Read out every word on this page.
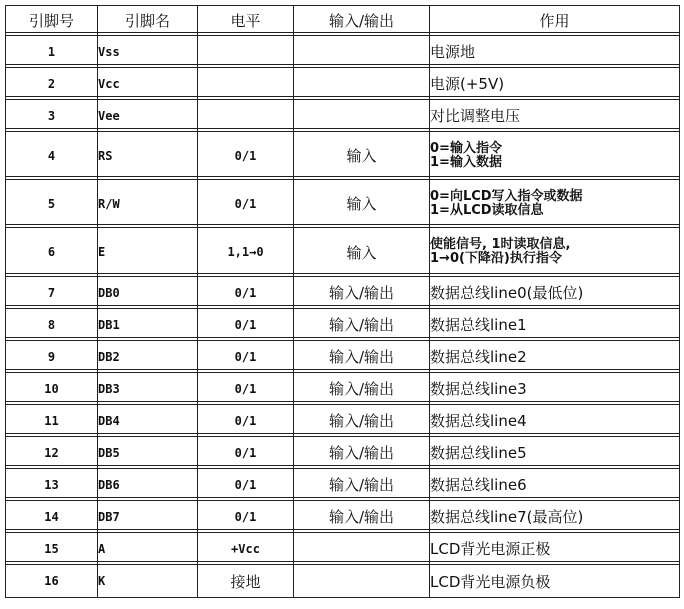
引脚号	引脚名	电平	输入/输出	作用
1	Vss			电源地

2	Vcc			电源(+5V)

3	Vee			对比调整电压

4	RS	0/1	输入	0=输入指令
1=输入数据

5	R/W	0/1	输入	0=向LCD写入指令或数据
1=从LCD读取信息

6	E	1,1→0	输入	使能信号, 1时读取信息,
1→0(下降沿)执行指令

7	DB0	0/1	输入/输出	数据总线line0(最低位)

8	DB1	0/1	输入/输出	数据总线line1

9	DB2	0/1	输入/输出	数据总线line2

10	DB3	0/1	输入/输出	数据总线line3

11	DB4	0/1	输入/输出	数据总线line4

12	DB5	0/1	输入/输出	数据总线line5

13	DB6	0/1	输入/输出	数据总线line6

14	DB7	0/1	输入/输出	数据总线line7(最高位)

15	A	+Vcc		LCD背光电源正极

16	K	接地		LCD背光电源负极
